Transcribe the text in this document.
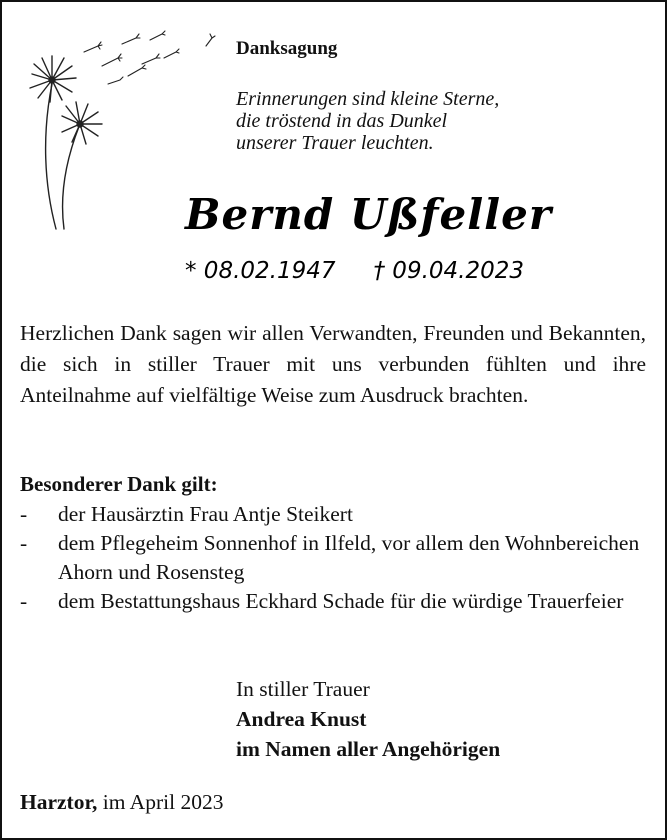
Danksagung
Erinnerungen sind kleine Sterne,
die tröstend in das Dunkel
unserer Trauer leuchten.
Bernd Ußfeller
* 08.02.1947 † 09.04.2023
Herzlichen Dank sagen wir allen Verwandten, Freunden und Bekannten, die sich in stiller Trauer mit uns verbunden fühlten und ihre Anteilnahme auf vielfältige Weise zum Ausdruck brachten.
Besonderer Dank gilt:
- der Hausärztin Frau Antje Steikert
- dem Pflegeheim Sonnenhof in Ilfeld, vor allem den Wohnbereichen Ahorn und Rosensteg
- dem Bestattungshaus Eckhard Schade für die würdige Trauerfeier
In stiller Trauer
Andrea Knust
im Namen aller Angehörigen
Harztor, im April 2023
